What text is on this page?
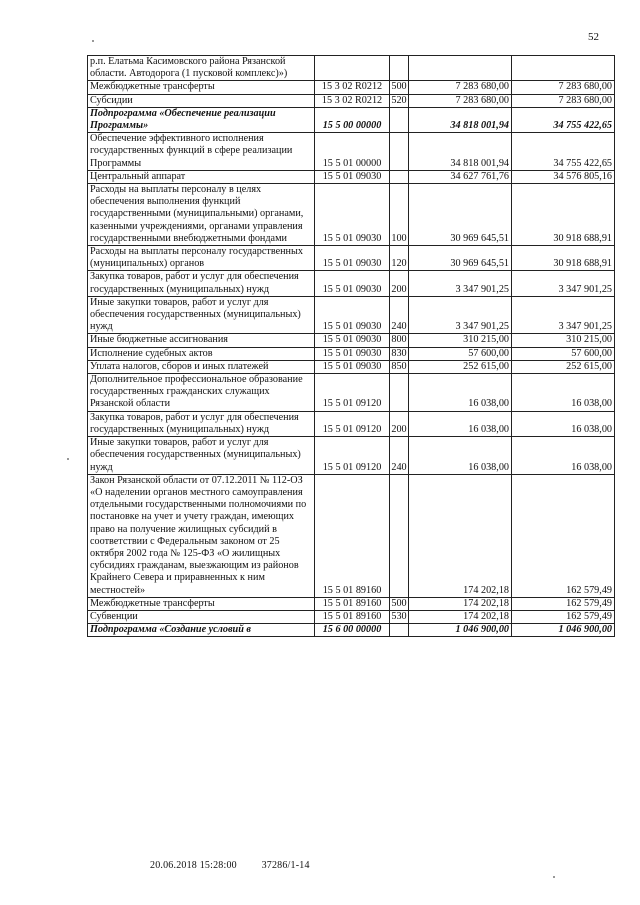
52
р.п. Елатьма Касимовского района Рязанской области. Автодорога (1 пусковой комплекс)»)				
Межбюджетные трансферты	15 3 02 R0212	500	7 283 680,00	7 283 680,00
Субсидии	15 3 02 R0212	520	7 283 680,00	7 283 680,00
Подпрограмма «Обеспечение реализации Программы»	15 5 00 00000		34 818 001,94	34 755 422,65
Обеспечение эффективного исполнения государственных функций в сфере реализации Программы	15 5 01 00000		34 818 001,94	34 755 422,65
Центральный аппарат	15 5 01 09030		34 627 761,76	34 576 805,16
Расходы на выплаты персоналу в целях обеспечения выполнения функций государственными (муниципальными) органами, казенными учреждениями, органами управления государственными внебюджетными фондами	15 5 01 09030	100	30 969 645,51	30 918 688,91
Расходы на выплаты персоналу государственных (муниципальных) органов	15 5 01 09030	120	30 969 645,51	30 918 688,91
Закупка товаров, работ и услуг для обеспечения государственных (муниципальных) нужд	15 5 01 09030	200	3 347 901,25	3 347 901,25
Иные закупки товаров, работ и услуг для обеспечения государственных (муниципальных) нужд	15 5 01 09030	240	3 347 901,25	3 347 901,25
Иные бюджетные ассигнования	15 5 01 09030	800	310 215,00	310 215,00
Исполнение судебных актов	15 5 01 09030	830	57 600,00	57 600,00
Уплата налогов, сборов и иных платежей	15 5 01 09030	850	252 615,00	252 615,00
Дополнительное профессиональное образование государственных гражданских служащих Рязанской области	15 5 01 09120		16 038,00	16 038,00
Закупка товаров, работ и услуг для обеспечения государственных (муниципальных) нужд	15 5 01 09120	200	16 038,00	16 038,00
Иные закупки товаров, работ и услуг для обеспечения государственных (муниципальных) нужд	15 5 01 09120	240	16 038,00	16 038,00
Закон Рязанской области от 07.12.2011 № 112-ОЗ «О наделении органов местного самоуправления отдельными государственными полномочиями по постановке на учет и учету граждан, имеющих право на получение жилищных субсидий в соответствии с Федеральным законом от 25 октября 2002 года № 125-ФЗ «О жилищных субсидиях гражданам, выезжающим из районов Крайнего Севера и приравненных к ним местностей»	15 5 01 89160		174 202,18	162 579,49
Межбюджетные трансферты	15 5 01 89160	500	174 202,18	162 579,49
Субвенции	15 5 01 89160	530	174 202,18	162 579,49
Подпрограмма «Создание условий в	15 6 00 00000		1 046 900,00	1 046 900,00
20.06.2018 15:28:00 37286/1-14
